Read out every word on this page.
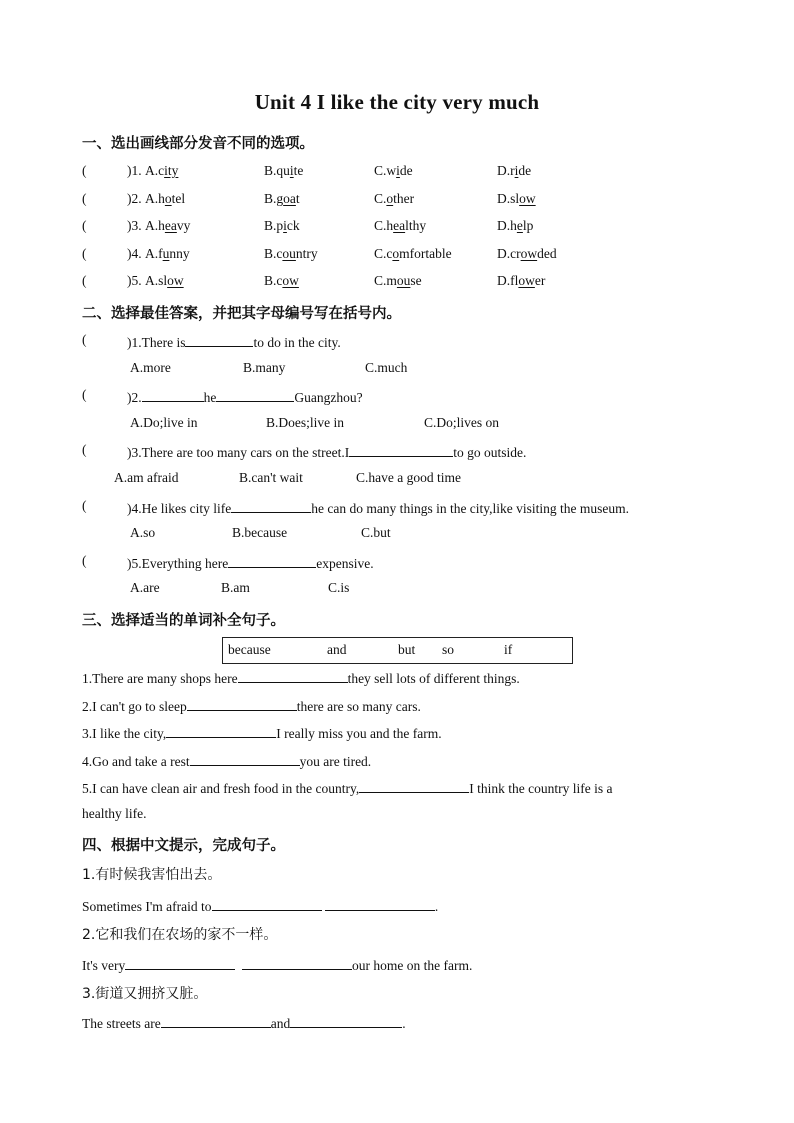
Unit 4 I like the city very much
一、选出画线部分发音不同的选项。
(	)1. A.city	B.quite	C.wide	D.ride
(	)2. A.hotel	B.goat	C.other	D.slow
(	)3. A.heavy	B.pick	C.healthy	D.help
(	)4. A.funny	B.country	C.comfortable	D.crowded
(	)5. A.slow	B.cow	C.mouse	D.flower
二、选择最佳答案，并把其字母编号写在括号内。
(	)1.There is	to do in the city.
A.more	B.many	C.much
(	)2.	he	Guangzhou?
A.Do;live in	B.Does;live in	C.Do;lives on
(	)3.There are too many cars on the street.I	to go outside.
A.am afraid	B.can't wait	C.have a good time
(	)4.He likes city life	he can do many things in the city,like visiting the museum.
A.so	B.because	C.but
(	)5.Everything here	expensive.
A.are	B.am	C.is
三、选择适当的单词补全句子。
because	and	but so	if
1.There are many shops here	they sell lots of different things.
2.I can't go to sleep	there are so many cars.
3.I like the city,	I really miss you and the farm.
4.Go and take a rest	you are tired.
5.I can have clean air and fresh food in the country,	I think the country life is a
healthy life.
四、根据中文提示，完成句子。
1.有时候我害怕出去。
Sometimes I'm afraid to	.
2.它和我们在农场的家不一样。
It's very	our home on the farm.
3.街道又拥挤又脏。
The streets are	and	.
